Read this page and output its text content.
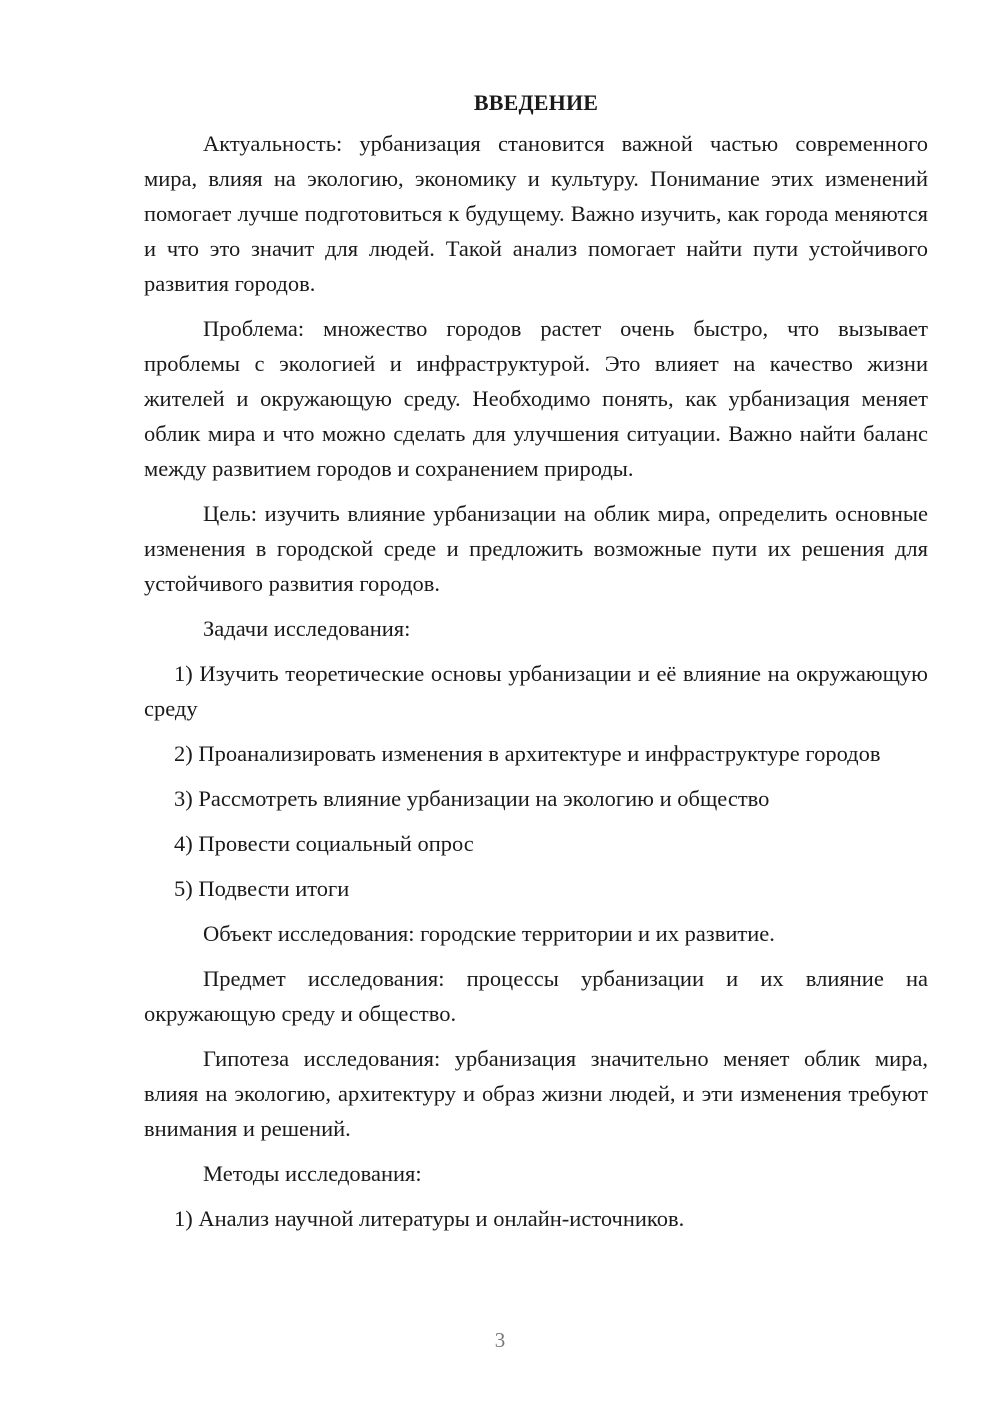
ВВЕДЕНИЕ

Актуальность: урбанизация становится важной частью современного мира, влияя на экологию, экономику и культуру. Понимание этих изменений помогает лучше подготовиться к будущему. Важно изучить, как города меняются и что это значит для людей. Такой анализ помогает найти пути устойчивого развития городов.

Проблема: множество городов растет очень быстро, что вызывает проблемы с экологией и инфраструктурой. Это влияет на качество жизни жителей и окружающую среду. Необходимо понять, как урбанизация меняет облик мира и что можно сделать для улучшения ситуации. Важно найти баланс между развитием городов и сохранением природы.

Цель: изучить влияние урбанизации на облик мира, определить основные изменения в городской среде и предложить возможные пути их решения для устойчивого развития городов.

Задачи исследования:

1) Изучить теоретические основы урбанизации и её влияние на окружающую среду

2) Проанализировать изменения в архитектуре и инфраструктуре городов

3) Рассмотреть влияние урбанизации на экологию и общество

4) Провести социальный опрос

5) Подвести итоги

Объект исследования: городские территории и их развитие.

Предмет исследования: процессы урбанизации и их влияние на окружающую среду и общество.

Гипотеза исследования: урбанизация значительно меняет облик мира, влияя на экологию, архитектуру и образ жизни людей, и эти изменения требуют внимания и решений.

Методы исследования:

1) Анализ научной литературы и онлайн-источников.

3
